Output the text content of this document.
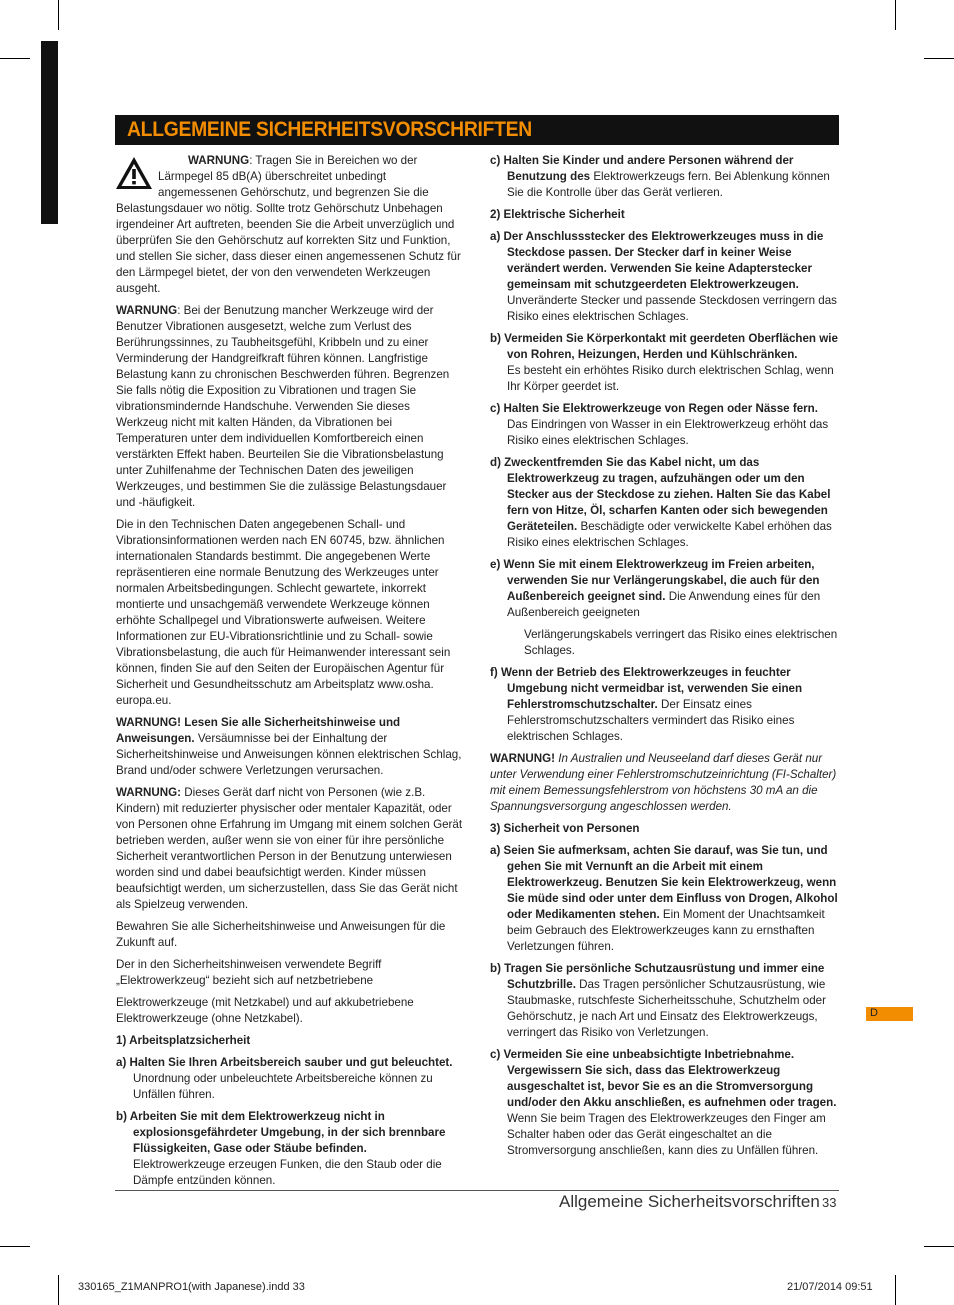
ALLGEMEINE SICHERHEITSVORSCHRIFTEN

WARNUNG: Tragen Sie in Bereichen wo der Lärmpegel 85 dB(A) überschreitet unbedingt angemessenen Gehörschutz, und begrenzen Sie die Belastungsdauer wo nötig. Sollte trotz Gehörschutz Unbehagen irgendeiner Art auftreten, beenden Sie die Arbeit unverzüglich und überprüfen Sie den Gehörschutz auf korrekten Sitz und Funktion, und stellen Sie sicher, dass dieser einen angemessenen Schutz für den Lärmpegel bietet, der von den verwendeten Werkzeugen ausgeht.

WARNUNG: Bei der Benutzung mancher Werkzeuge wird der Benutzer Vibrationen ausgesetzt, welche zum Verlust des Berührungssinnes, zu Taubheitsgefühl, Kribbeln und zu einer Verminderung der Handgreifkraft führen können. Langfristige Belastung kann zu chronischen Beschwerden führen. Begrenzen Sie falls nötig die Exposition zu Vibrationen und tragen Sie vibrationsmindernde Handschuhe. Verwenden Sie dieses Werkzeug nicht mit kalten Händen, da Vibrationen bei Temperaturen unter dem individuellen Komfortbereich einen verstärkten Effekt haben. Beurteilen Sie die Vibrationsbelastung unter Zuhilfenahme der Technischen Daten des jeweiligen Werkzeuges, und bestimmen Sie die zulässige Belastungsdauer und -häufigkeit.

Die in den Technischen Daten angegebenen Schall- und Vibrationsinformationen werden nach EN 60745, bzw. ähnlichen internationalen Standards bestimmt. Die angegebenen Werte repräsentieren eine normale Benutzung des Werkzeuges unter normalen Arbeitsbedingungen. Schlecht gewartete, inkorrekt montierte und unsachgemäß verwendete Werkzeuge können erhöhte Schallpegel und Vibrationswerte aufweisen. Weitere Informationen zur EU-Vibrationsrichtlinie und zu Schall- sowie Vibrationsbelastung, die auch für Heimanwender interessant sein können, finden Sie auf den Seiten der Europäischen Agentur für Sicherheit und Gesundheitsschutz am Arbeitsplatz www.osha. europa.eu.

WARNUNG! Lesen Sie alle Sicherheitshinweise und Anweisungen. Versäumnisse bei der Einhaltung der Sicherheitshinweise und Anweisungen können elektrischen Schlag, Brand und/oder schwere Verletzungen verursachen.

WARNUNG: Dieses Gerät darf nicht von Personen (wie z.B. Kindern) mit reduzierter physischer oder mentaler Kapazität, oder von Personen ohne Erfahrung im Umgang mit einem solchen Gerät betrieben werden, außer wenn sie von einer für ihre persönliche Sicherheit verantwortlichen Person in der Benutzung unterwiesen worden sind und dabei beaufsichtigt werden. Kinder müssen beaufsichtigt werden, um sicherzustellen, dass Sie das Gerät nicht als Spielzeug verwenden.

Bewahren Sie alle Sicherheitshinweise und Anweisungen für die Zukunft auf.

Der in den Sicherheitshinweisen verwendete Begriff „Elektrowerkzeug“ bezieht sich auf netzbetriebene

Elektrowerkzeuge (mit Netzkabel) und auf akkubetriebene Elektrowerkzeuge (ohne Netzkabel).

1) Arbeitsplatzsicherheit

a) Halten Sie Ihren Arbeitsbereich sauber und gut beleuchtet. Unordnung oder unbeleuchtete Arbeitsbereiche können zu Unfällen führen.

b) Arbeiten Sie mit dem Elektrowerkzeug nicht in explosionsgefährdeter Umgebung, in der sich brennbare Flüssigkeiten, Gase oder Stäube befinden.
Elektrowerkzeuge erzeugen Funken, die den Staub oder die Dämpfe entzünden können.

c) Halten Sie Kinder und andere Personen während der Benutzung des Elektrowerkzeugs fern. Bei Ablenkung können Sie die Kontrolle über das Gerät verlieren.

2) Elektrische Sicherheit

a) Der Anschlussstecker des Elektrowerkzeuges muss in die Steckdose passen. Der Stecker darf in keiner Weise verändert werden. Verwenden Sie keine Adapterstecker gemeinsam mit schutzgeerdeten Elektrowerkzeugen.
Unveränderte Stecker und passende Steckdosen verringern das Risiko eines elektrischen Schlages.

b) Vermeiden Sie Körperkontakt mit geerdeten Oberflächen wie von Rohren, Heizungen, Herden und Kühlschränken.
Es besteht ein erhöhtes Risiko durch elektrischen Schlag, wenn Ihr Körper geerdet ist.

c) Halten Sie Elektrowerkzeuge von Regen oder Nässe fern.
Das Eindringen von Wasser in ein Elektrowerkzeug erhöht das Risiko eines elektrischen Schlages.

d) Zweckentfremden Sie das Kabel nicht, um das Elektrowerkzeug zu tragen, aufzuhängen oder um den Stecker aus der Steckdose zu ziehen. Halten Sie das Kabel fern von Hitze, Öl, scharfen Kanten oder sich bewegenden Geräteteilen. Beschädigte oder verwickelte Kabel erhöhen das Risiko eines elektrischen Schlages.

e) Wenn Sie mit einem Elektrowerkzeug im Freien arbeiten, verwenden Sie nur Verlängerungskabel, die auch für den Außenbereich geeignet sind. Die Anwendung eines für den Außenbereich geeigneten

Verlängerungskabels verringert das Risiko eines elektrischen Schlages.

f) Wenn der Betrieb des Elektrowerkzeuges in feuchter Umgebung nicht vermeidbar ist, verwenden Sie einen Fehlerstromschutzschalter. Der Einsatz eines Fehlerstromschutzschalters vermindert das Risiko eines elektrischen Schlages.

WARNUNG! In Australien und Neuseeland darf dieses Gerät nur unter Verwendung einer Fehlerstromschutzeinrichtung (FI-Schalter) mit einem Bemessungsfehlerstrom von höchstens 30 mA an die Spannungsversorgung angeschlossen werden.

3) Sicherheit von Personen

a) Seien Sie aufmerksam, achten Sie darauf, was Sie tun, und gehen Sie mit Vernunft an die Arbeit mit einem Elektrowerkzeug. Benutzen Sie kein Elektrowerkzeug, wenn Sie müde sind oder unter dem Einfluss von Drogen, Alkohol oder Medikamenten stehen. Ein Moment der Unachtsamkeit beim Gebrauch des Elektrowerkzeuges kann zu ernsthaften Verletzungen führen.

b) Tragen Sie persönliche Schutzausrüstung und immer eine Schutzbrille. Das Tragen persönlicher Schutzausrüstung, wie Staubmaske, rutschfeste Sicherheitsschuhe, Schutzhelm oder Gehörschutz, je nach Art und Einsatz des Elektrowerkzeugs, verringert das Risiko von Verletzungen.

c) Vermeiden Sie eine unbeabsichtigte Inbetriebnahme. Vergewissern Sie sich, dass das Elektrowerkzeug ausgeschaltet ist, bevor Sie es an die Stromversorgung und/oder den Akku anschließen, es aufnehmen oder tragen. Wenn Sie beim Tragen des Elektrowerkzeuges den Finger am Schalter haben oder das Gerät eingeschaltet an die Stromversorgung anschließen, kann dies zu Unfällen führen.

D
Allgemeine Sicherheitsvorschriften 33
330165_Z1MANPRO1(with Japanese).indd 33	21/07/2014 09:51
